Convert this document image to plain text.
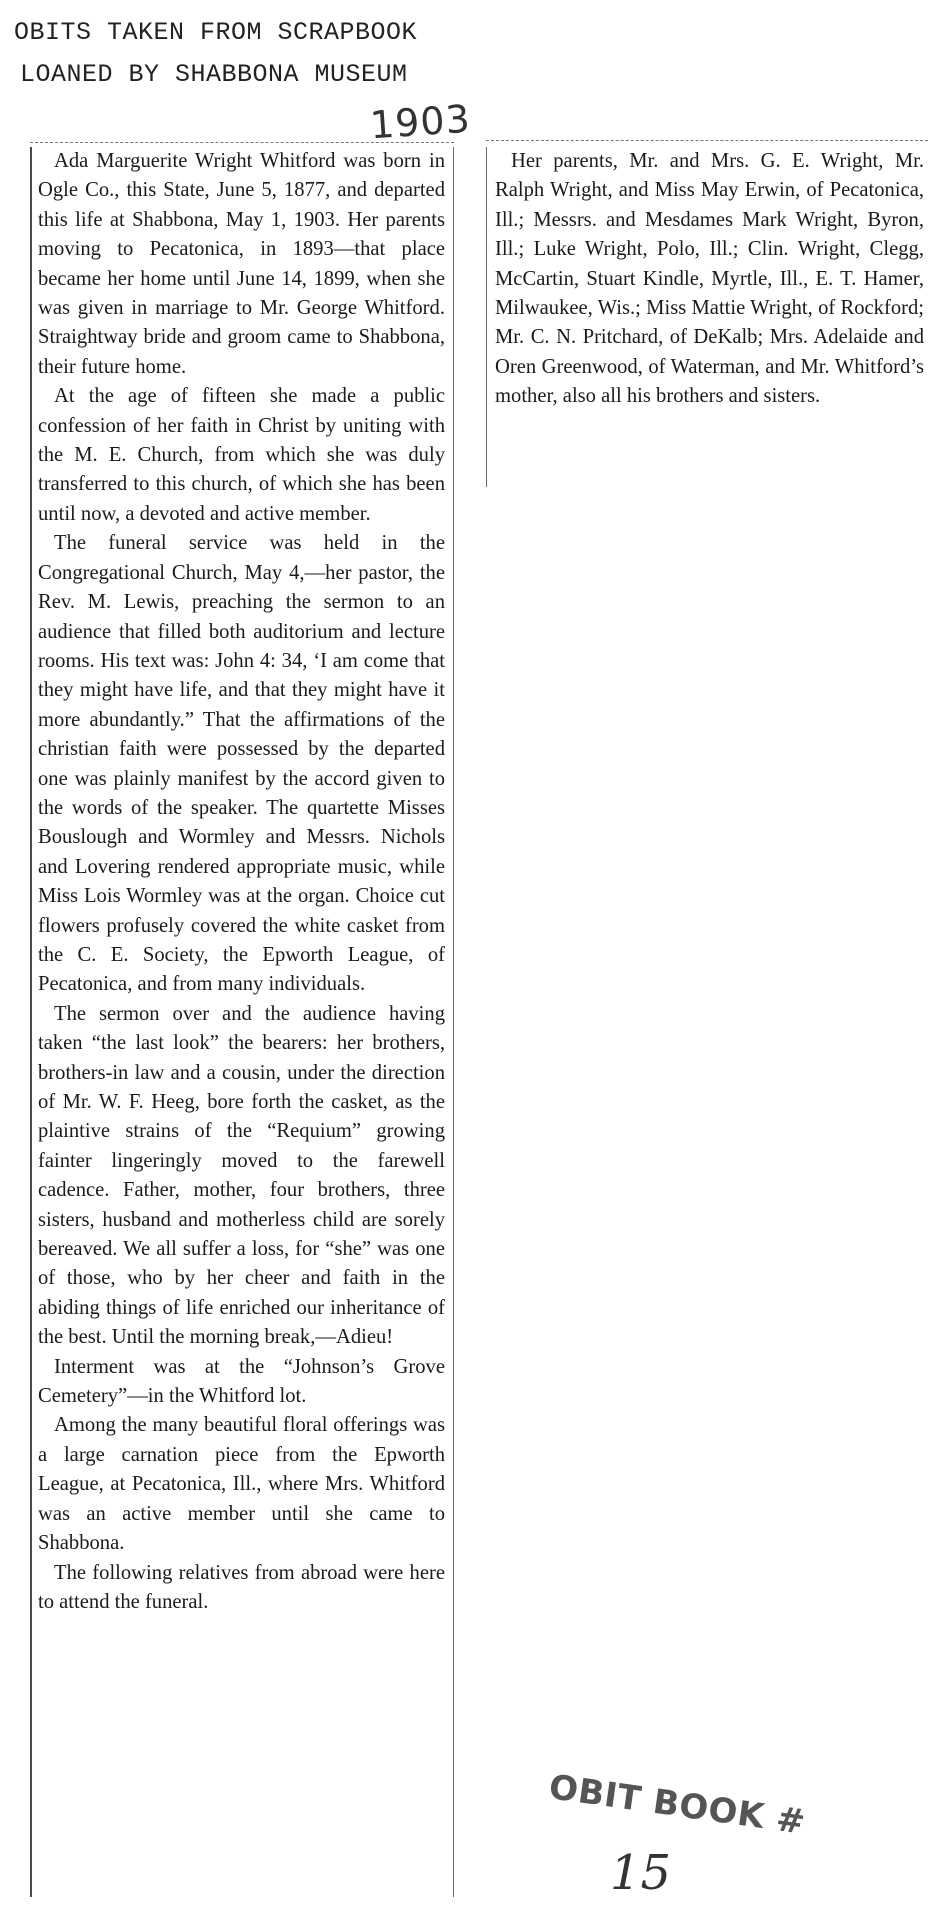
OBITS TAKEN FROM SCRAPBOOK
LOANED BY SHABBONA MUSEUM
1903

Ada Marguerite Wright Whitford was born in Ogle Co., this State, June 5, 1877, and departed this life at Shabbona, May 1, 1903. Her parents moving to Pecatonica, in 1893—that place became her home until June 14, 1899, when she was given in marriage to Mr. George Whitford. Straightway bride and groom came to Shabbona, their future home.

At the age of fifteen she made a public confession of her faith in Christ by uniting with the M. E. Church, from which she was duly transferred to this church, of which she has been until now, a devoted and active member.

The funeral service was held in the Congregational Church, May 4,—her pastor, the Rev. M. Lewis, preaching the sermon to an audience that filled both auditorium and lecture rooms. His text was: John 4: 34, ‘I am come that they might have life, and that they might have it more abundantly.” That the affirmations of the christian faith were possessed by the departed one was plainly manifest by the accord given to the words of the speaker. The quartette Misses Bouslough and Wormley and Messrs. Nichols and Lovering rendered appropriate music, while Miss Lois Wormley was at the organ. Choice cut flowers profusely covered the white casket from the C. E. Society, the Epworth League, of Pecatonica, and from many individuals.

The sermon over and the audience having taken “the last look” the bearers: her brothers, brothers-in law and a cousin, under the direction of Mr. W. F. Heeg, bore forth the casket, as the plaintive strains of the “Requium” growing fainter lingeringly moved to the farewell cadence. Father, mother, four brothers, three sisters, husband and motherless child are sorely bereaved. We all suffer a loss, for “she” was one of those, who by her cheer and faith in the abiding things of life enriched our inheritance of the best. Until the morning break,—Adieu!

Interment was at the “Johnson’s Grove Cemetery”—in the Whitford lot.

Among the many beautiful floral offerings was a large carnation piece from the Epworth League, at Pecatonica, Ill., where Mrs. Whitford was an active member until she came to Shabbona.

The following relatives from abroad were here to attend the funeral.

Her parents, Mr. and Mrs. G. E. Wright, Mr. Ralph Wright, and Miss May Erwin, of Pecatonica, Ill.; Messrs. and Mesdames Mark Wright, Byron, Ill.; Luke Wright, Polo, Ill.; Clin. Wright, Clegg, McCartin, Stuart Kindle, Myrtle, Ill., E. T. Hamer, Milwaukee, Wis.; Miss Mattie Wright, of Rockford; Mr. C. N. Pritchard, of DeKalb; Mrs. Adelaide and Oren Greenwood, of Waterman, and Mr. Whitford’s mother, also all his brothers and sisters.

OBIT BOOK #
15
